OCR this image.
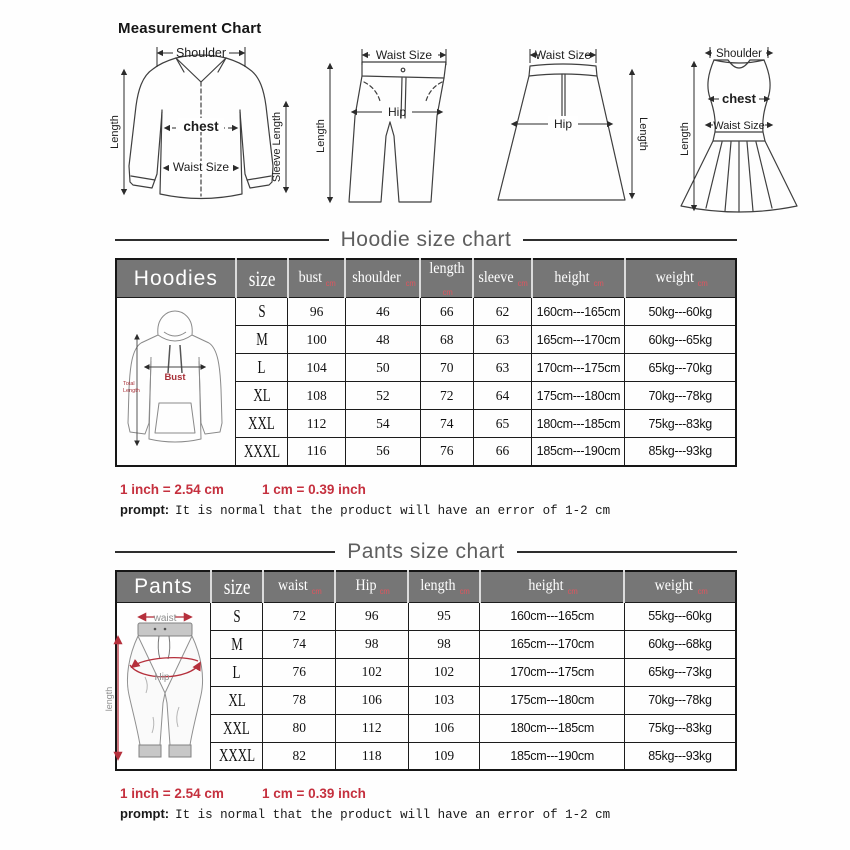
Measurement Chart
Shoulder
Length	Sleeve Length
chest
Waist Size
Waist Size
Hip
Length
Waist Size
Hip	Length
Shoulder
chest
Waist Size
Length
Hoodie size chart
Hoodies	size	bust cm	shoulder cm	lengthcm	sleeve cm	height cm	weight cm

Bust
Total
Length	S	96	46	66	62	160cm---165cm	50kg---60kg
	M	100	48	68	63	165cm---170cm	60kg---65kg
	L	104	50	70	63	170cm---175cm	65kg---70kg
	XL	108	52	72	64	175cm---180cm	70kg---78kg
	XXL	112	54	74	65	180cm---185cm	75kg---83kg
	XXXL	116	56	76	66	185cm---190cm	85kg---93kg
1 inch = 2.54 cm	1 cm = 0.39 inch
prompt: It is normal that the product will have an error of 1-2 cm
Pants size chart
Pants	size	waist cm	Hip cm	length cm	height cm	weight cm

waist
Hip
length	S	72	96	95	160cm---165cm	55kg---60kg
	M	74	98	98	165cm---170cm	60kg---68kg
	L	76	102	102	170cm---175cm	65kg---73kg
	XL	78	106	103	175cm---180cm	70kg---78kg
	XXL	80	112	106	180cm---185cm	75kg---83kg
	XXXL	82	118	109	185cm---190cm	85kg---93kg
1 inch = 2.54 cm	1 cm = 0.39 inch
prompt: It is normal that the product will have an error of 1-2 cm
